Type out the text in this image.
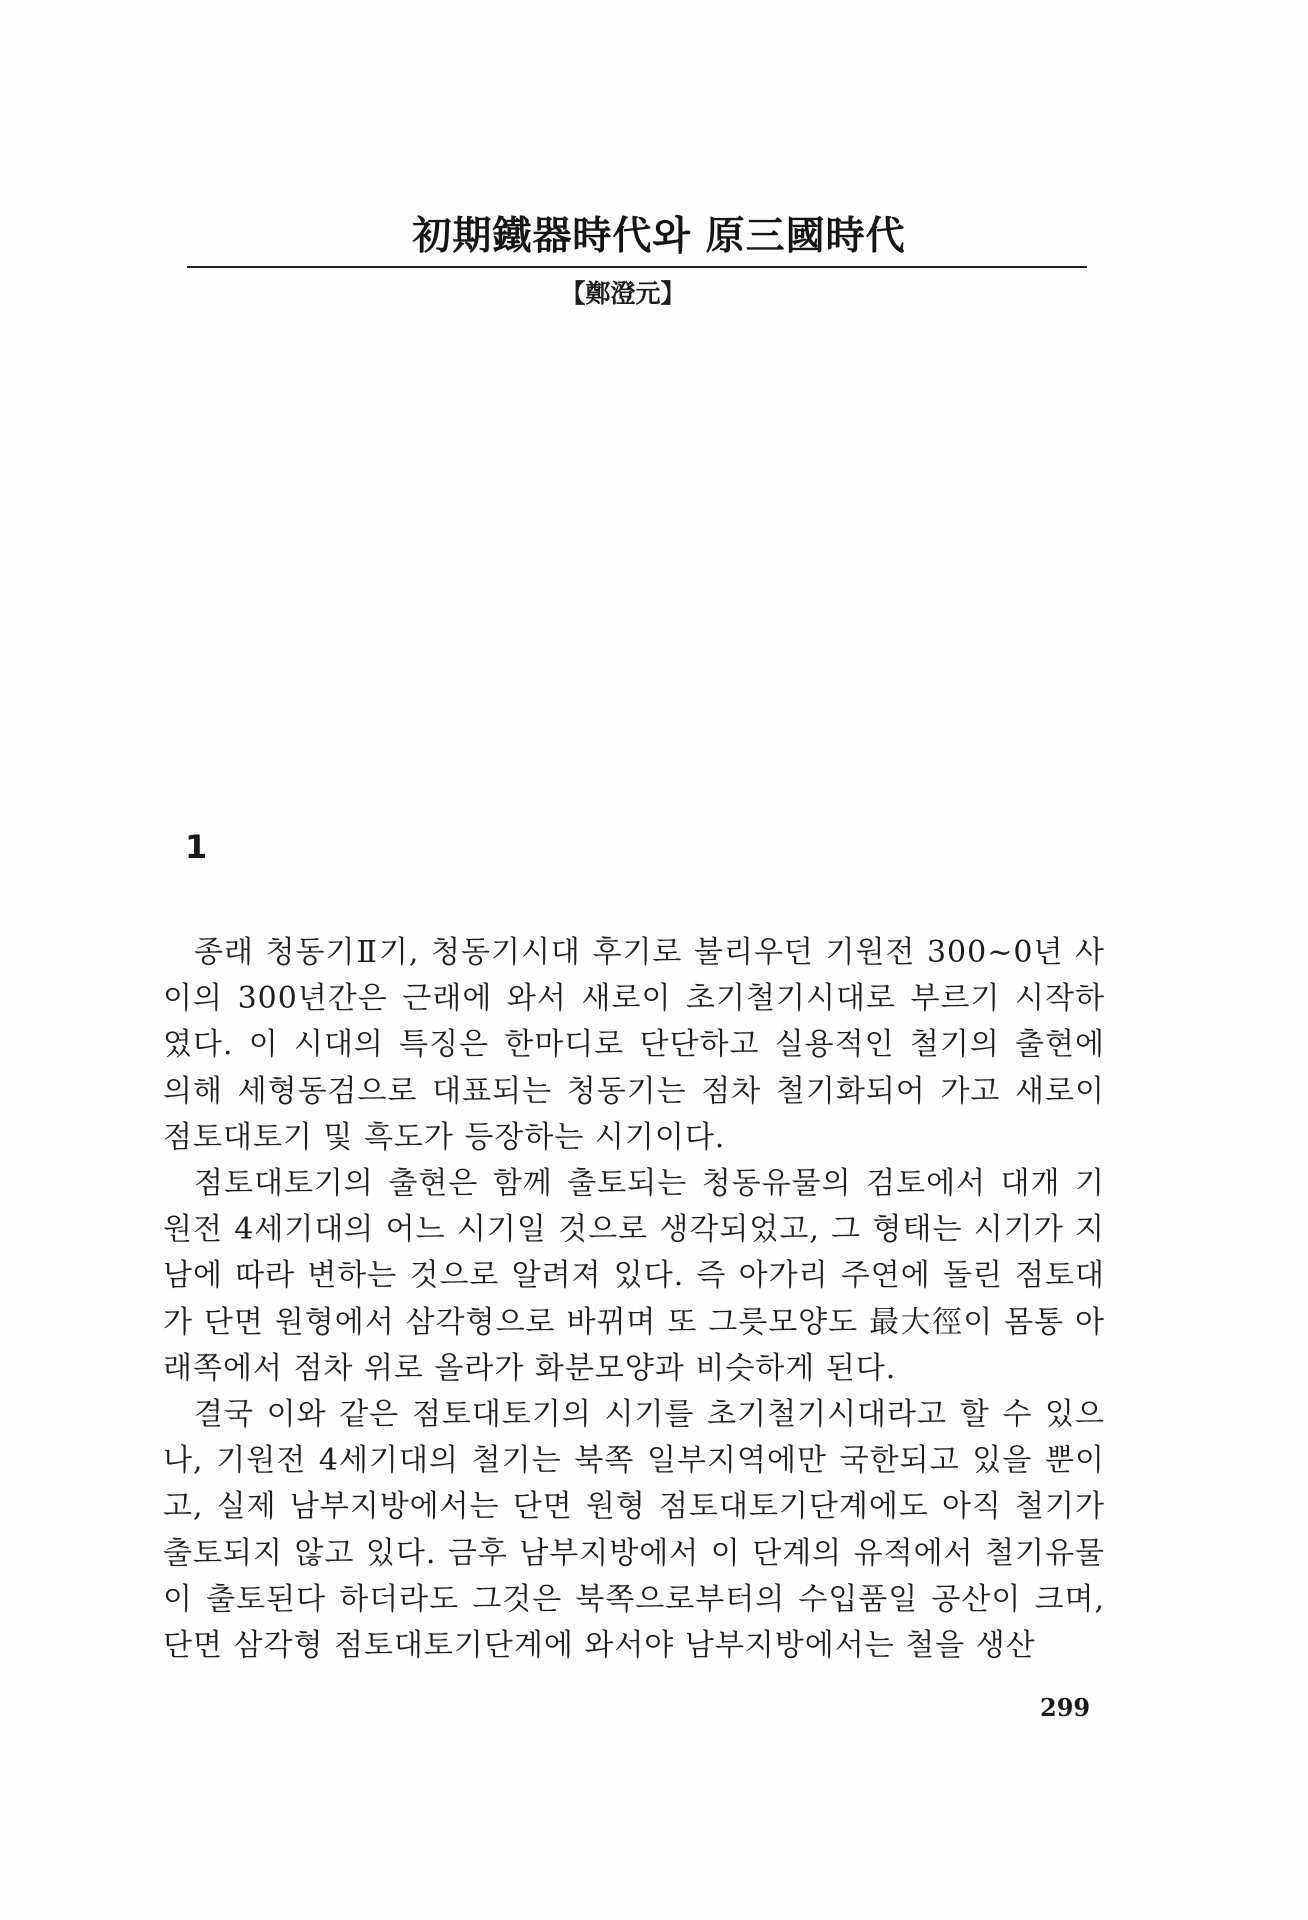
初期鐵器時代와 原三國時代
【鄭澄元】
1

종래 청동기Ⅱ기, 청동기시대 후기로 불리우던 기원전 300~0년 사이의 300년간은 근래에 와서 새로이 초기철기시대로 부르기 시작하였다. 이 시대의 특징은 한마디로 단단하고 실용적인 철기의 출현에 의해 세형동검으로 대표되는 청동기는 점차 철기화되어 가고 새로이 점토대토기 및 흑도가 등장하는 시기이다.

점토대토기의 출현은 함께 출토되는 청동유물의 검토에서 대개 기원전 4세기대의 어느 시기일 것으로 생각되었고, 그 형태는 시기가 지남에 따라 변하는 것으로 알려져 있다. 즉 아가리 주연에 돌린 점토대가 단면 원형에서 삼각형으로 바뀌며 또 그릇모양도 最大徑이 몸통 아래쪽에서 점차 위로 올라가 화분모양과 비슷하게 된다.

결국 이와 같은 점토대토기의 시기를 초기철기시대라고 할 수 있으나, 기원전 4세기대의 철기는 북쪽 일부지역에만 국한되고 있을 뿐이고, 실제 남부지방에서는 단면 원형 점토대토기단계에도 아직 철기가 출토되지 않고 있다. 금후 남부지방에서 이 단계의 유적에서 철기유물이 출토된다 하더라도 그것은 북쪽으로부터의 수입품일 공산이 크며, 단면 삼각형 점토대토기단계에 와서야 남부지방에서는 철을 생산

299
